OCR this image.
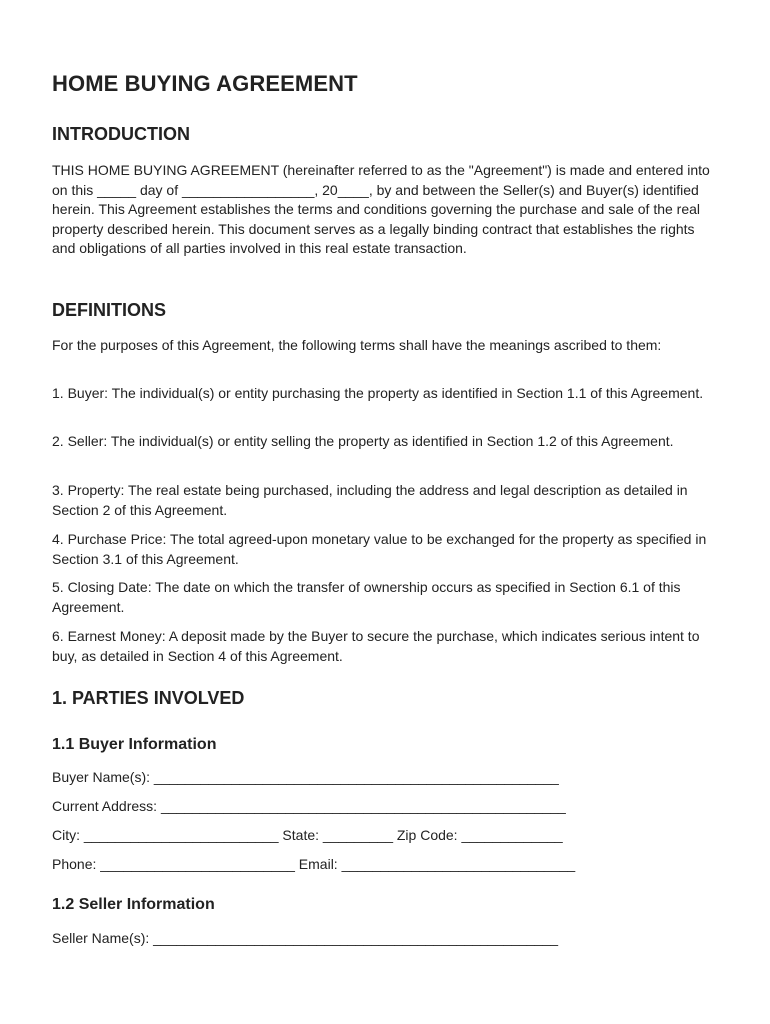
HOME BUYING AGREEMENT
INTRODUCTION

THIS HOME BUYING AGREEMENT (hereinafter referred to as the "Agreement") is made and entered into on this _____ day of _________________, 20____, by and between the Seller(s) and Buyer(s) identified herein. This Agreement establishes the terms and conditions governing the purchase and sale of the real property described herein. This document serves as a legally binding contract that establishes the rights and obligations of all parties involved in this real estate transaction.

DEFINITIONS

For the purposes of this Agreement, the following terms shall have the meanings ascribed to them:

1. Buyer: The individual(s) or entity purchasing the property as identified in Section 1.1 of this Agreement.

2. Seller: The individual(s) or entity selling the property as identified in Section 1.2 of this Agreement.

3. Property: The real estate being purchased, including the address and legal description as detailed in Section 2 of this Agreement.

4. Purchase Price: The total agreed-upon monetary value to be exchanged for the property as specified in Section 3.1 of this Agreement.

5. Closing Date: The date on which the transfer of ownership occurs as specified in Section 6.1 of this Agreement.

6. Earnest Money: A deposit made by the Buyer to secure the purchase, which indicates serious intent to buy, as detailed in Section 4 of this Agreement.

1. PARTIES INVOLVED
1.1 Buyer Information

Buyer Name(s): ____________________________________________________

Current Address: ____________________________________________________

City: _________________________ State: _________ Zip Code: _____________

Phone: _________________________ Email: ______________________________

1.2 Seller Information

Seller Name(s): ____________________________________________________
